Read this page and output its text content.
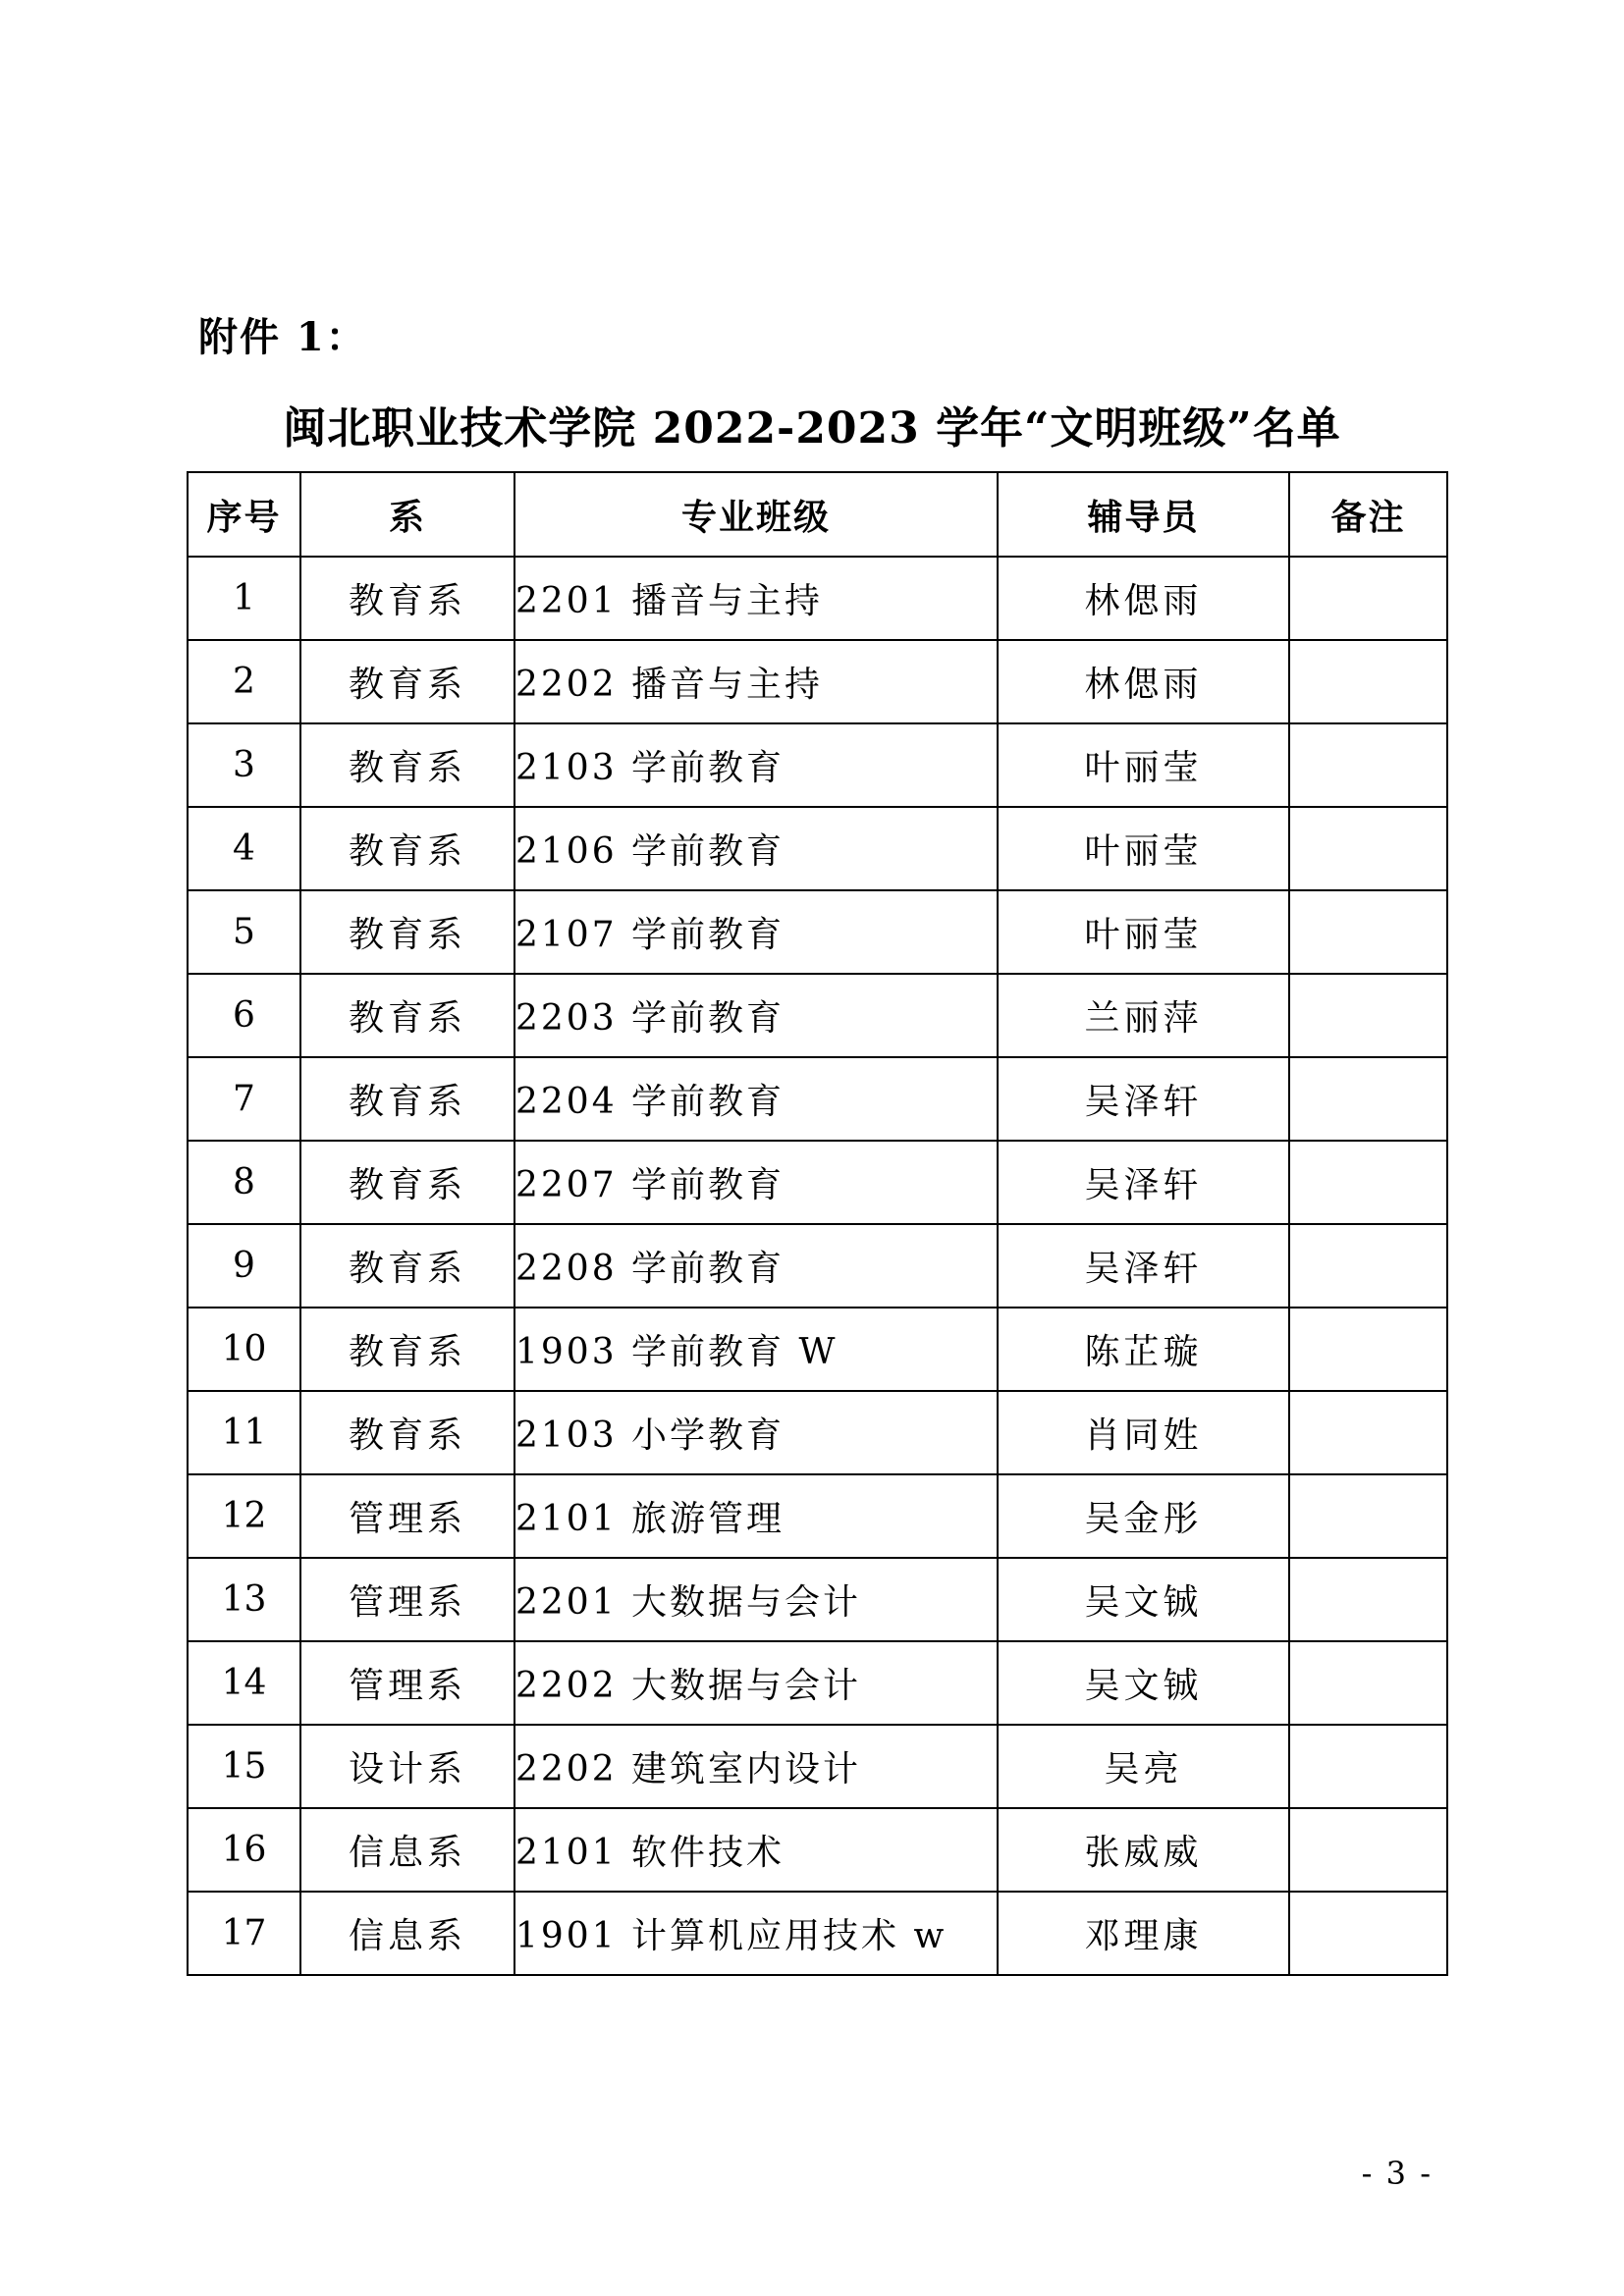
附件 1：
闽北职业技术学院 2022-2023 学年“文明班级”名单
序号	系	专业班级	辅导员	备注
1	教育系	2201 播音与主持	林偲雨	
2	教育系	2202 播音与主持	林偲雨	
3	教育系	2103 学前教育	叶丽莹	
4	教育系	2106 学前教育	叶丽莹	
5	教育系	2107 学前教育	叶丽莹	
6	教育系	2203 学前教育	兰丽萍	
7	教育系	2204 学前教育	吴泽轩	
8	教育系	2207 学前教育	吴泽轩	
9	教育系	2208 学前教育	吴泽轩	
10	教育系	1903 学前教育 W	陈芷璇	
11	教育系	2103 小学教育	肖同姓	
12	管理系	2101 旅游管理	吴金彤	
13	管理系	2201 大数据与会计	吴文铖	
14	管理系	2202 大数据与会计	吴文铖	
15	设计系	2202 建筑室内设计	吴亮	
16	信息系	2101 软件技术	张威威	
17	信息系	1901 计算机应用技术 w	邓理康	
- 3 -
